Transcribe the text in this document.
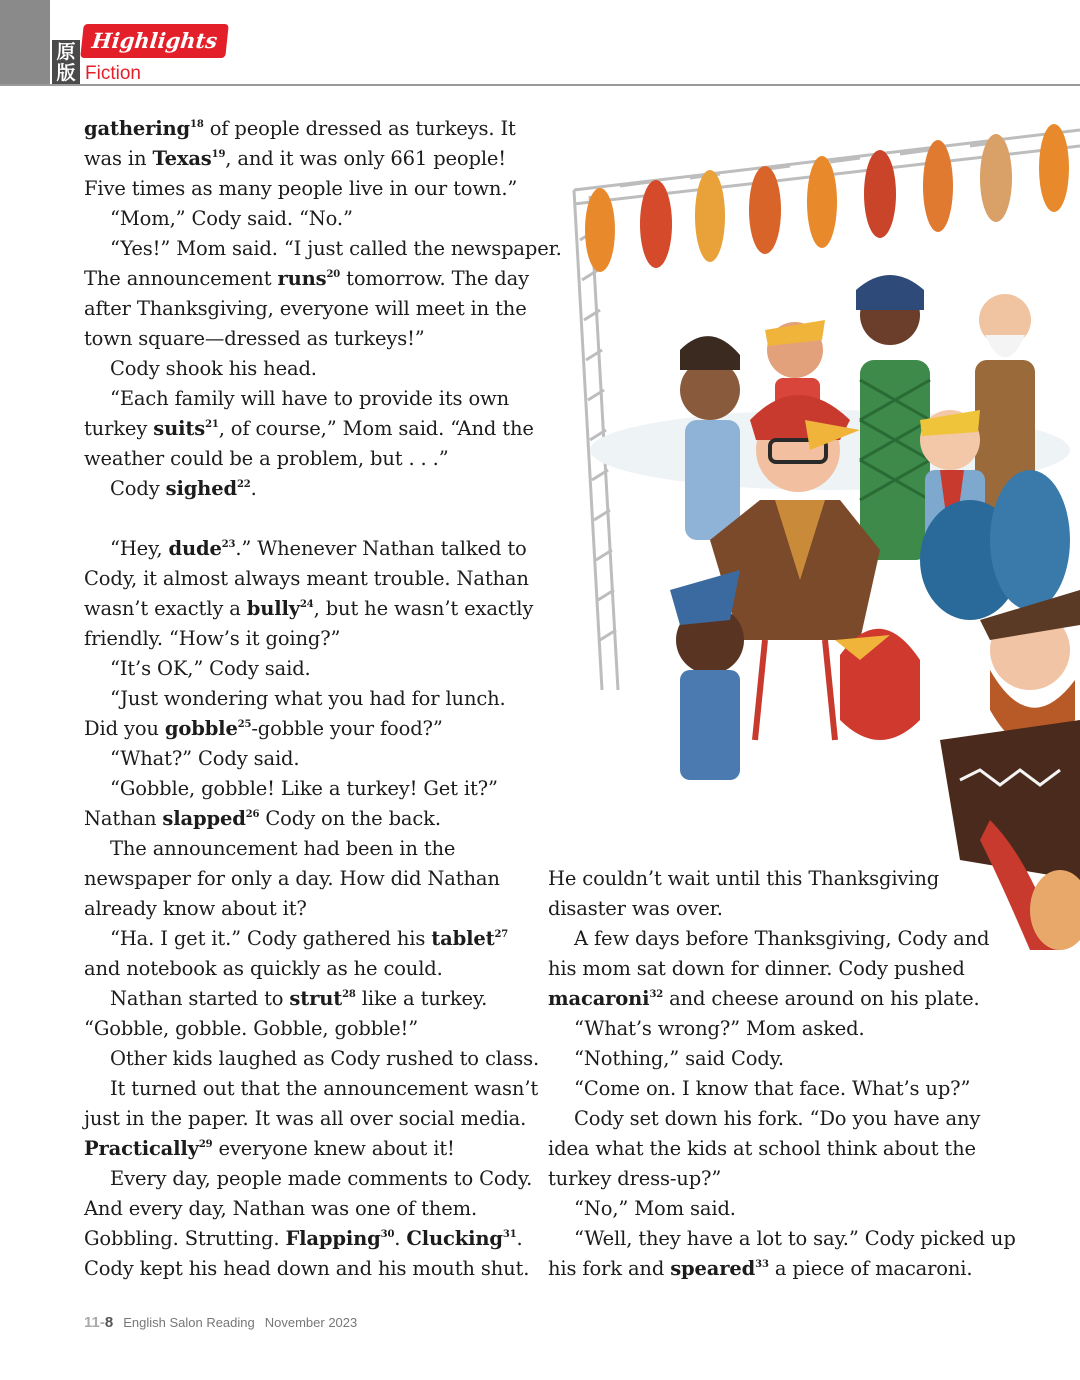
原版
Highlights
Fiction

gathering$^{18}$ of people dressed as turkeys. It

was in Texas$^{19}$, and it was only 661 people!

Five times as many people live in our town.”

“Mom,” Cody said. “No.”

“Yes!” Mom said. “I just called the newspaper.

The announcement runs$^{20}$ tomorrow. The day

after Thanksgiving, everyone will meet in the

town square—dressed as turkeys!”

Cody shook his head.

“Each family will have to provide its own

turkey suits$^{21}$, of course,” Mom said. “And the

weather could be a problem, but . . .”

Cody sighed$^{22}$.

“Hey, dude$^{23}$.” Whenever Nathan talked to

Cody, it almost always meant trouble. Nathan

wasn’t exactly a bully$^{24}$, but he wasn’t exactly

friendly. “How’s it going?”

“It’s OK,” Cody said.

“Just wondering what you had for lunch.

Did you gobble$^{25}$-gobble your food?”

“What?” Cody said.

“Gobble, gobble! Like a turkey! Get it?”

Nathan slapped$^{26}$ Cody on the back.

The announcement had been in the

newspaper for only a day. How did Nathan

already know about it?

“Ha. I get it.” Cody gathered his tablet$^{27}$

and notebook as quickly as he could.

Nathan started to strut$^{28}$ like a turkey.

“Gobble, gobble. Gobble, gobble!”

Other kids laughed as Cody rushed to class.

It turned out that the announcement wasn’t

just in the paper. It was all over social media.

Practically$^{29}$ everyone knew about it!

Every day, people made comments to Cody.

And every day, Nathan was one of them.

Gobbling. Strutting. Flapping$^{30}$. Clucking$^{31}$.

Cody kept his head down and his mouth shut.

He couldn’t wait until this Thanksgiving

disaster was over.

A few days before Thanksgiving, Cody and

his mom sat down for dinner. Cody pushed

macaroni$^{32}$ and cheese around on his plate.

“What’s wrong?” Mom asked.

“Nothing,” said Cody.

“Come on. I know that face. What’s up?”

Cody set down his fork. “Do you have any

idea what the kids at school think about the

turkey dress-up?”

“No,” Mom said.

“Well, they have a lot to say.” Cody picked up

his fork and speared$^{33}$ a piece of macaroni.

11-8 English Salon Reading November 2023
